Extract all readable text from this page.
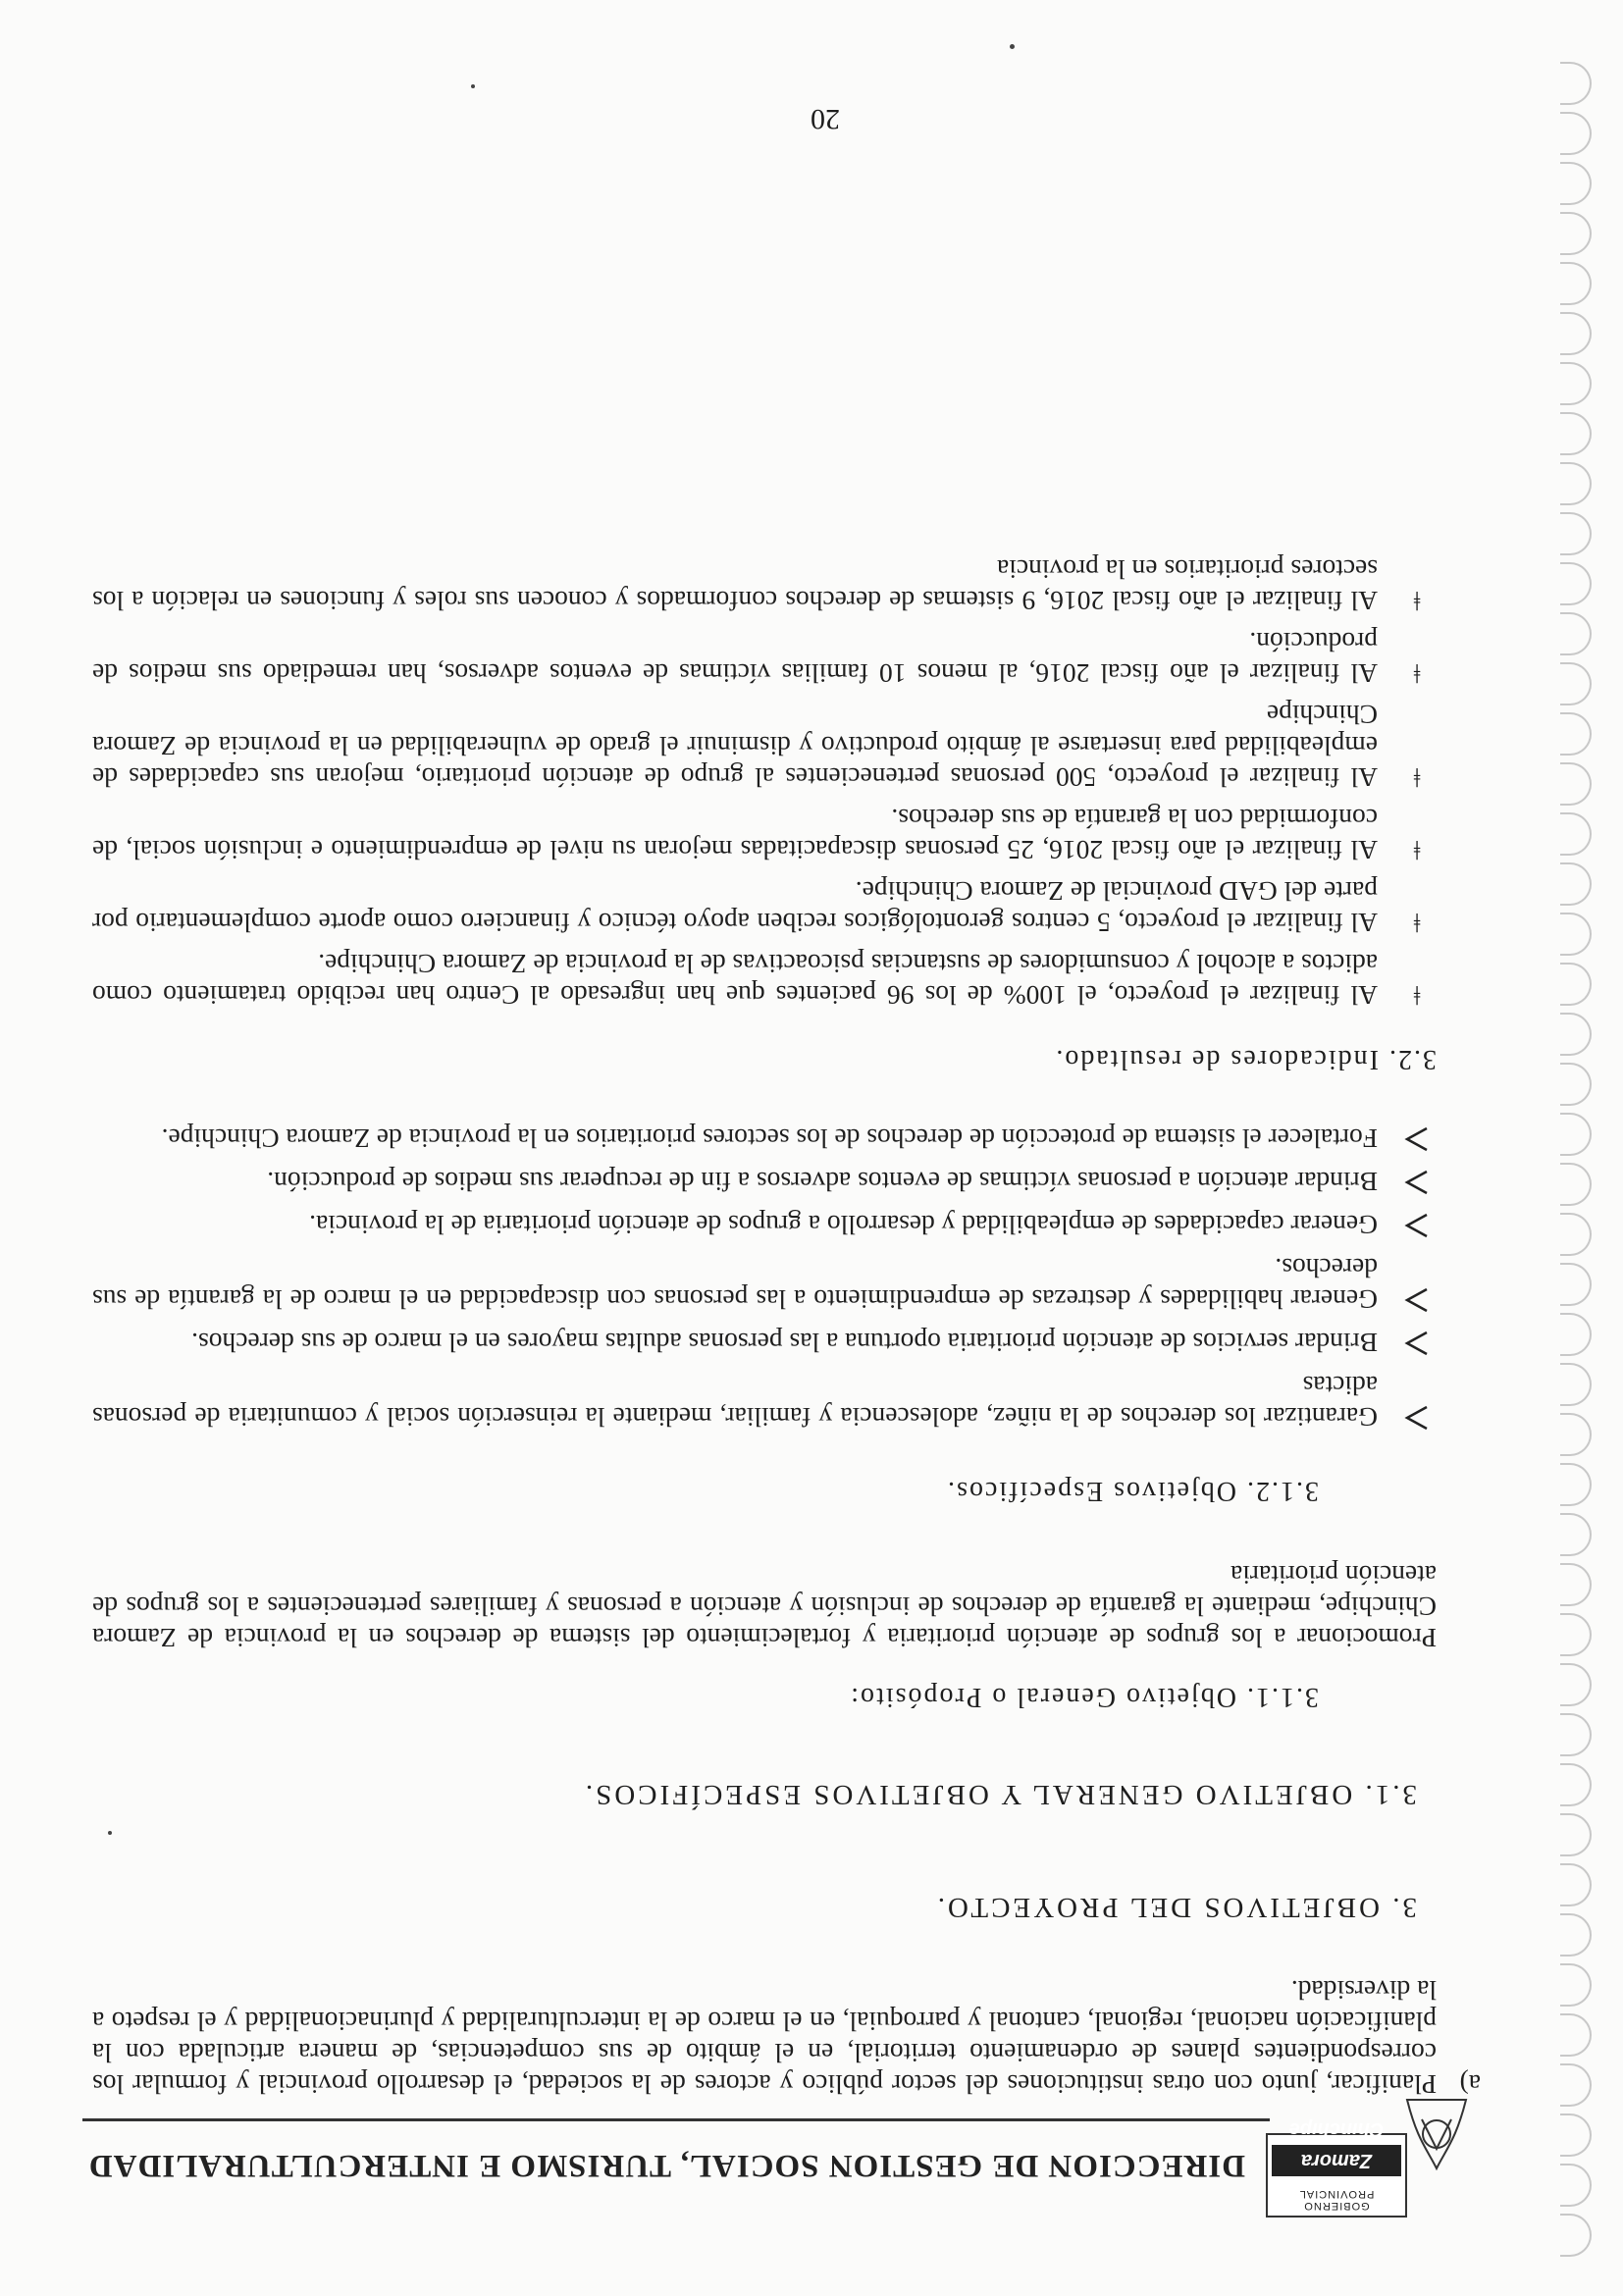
GOBIERNO PROVINCIAL
Zamora Chinchipe
DIRECCION DE GESTION SOCIAL, TURISMO E INTERCULTURALIDAD
a)

Planificar, junto con otras instituciones del sector público y actores de la sociedad, el desarrollo provincial y formular los correspondientes planes de ordenamiento territorial, en el ámbito de sus competencias, de manera articulada con la planificación nacional, regional, cantonal y parroquial, en el marco de la interculturalidad y plurinacionalidad y el respeto a la diversidad.

3. OBJETIVOS DEL PROYECTO.
3.1. OBJETIVO GENERAL Y OBJETIVOS ESPECÍFICOS.
3.1.1. Objetivo General o Propósito:

Promocionar a los grupos de atención prioritaria y fortalecimiento del sistema de derechos en la provincia de Zamora Chinchipe, mediante la garantía de derechos de inclusión y atención a personas y familiares pertenecientes a los grupos de atención prioritaria

3.1.2. Objetivos Específicos.
Garantizar los derechos de la niñez, adolescencia y familiar, mediante la reinserción social y comunitaria de personas adictas
Brindar servicios de atención prioritaria oportuna a las personas adultas mayores en el marco de sus derechos.
Generar habilidades y destrezas de emprendimiento a las personas con discapacidad en el marco de la garantía de sus derechos.
Generar capacidades de empleabilidad y desarrollo a grupos de atención prioritaria de la provincia.
Brindar atención a personas víctimas de eventos adversos a fin de recuperar sus medios de producción.
Fortalecer el sistema de protección de derechos de los sectores prioritarios en la provincia de Zamora Chinchipe.
3.2. Indicadores de resultado.
ǂ
Al finalizar el proyecto, el 100% de los 96 pacientes que han ingresado al Centro han recibido tratamiento como adictos a alcohol y consumidores de sustancias psicoactivas de la provincia de Zamora Chinchipe.
ǂ
Al finalizar el proyecto, 5 centros gerontológicos reciben apoyo técnico y financiero como aporte complementario por parte del GAD provincial de Zamora Chinchipe.
ǂ
Al finalizar el año fiscal 2016, 25 personas discapacitadas mejoran su nivel de emprendimiento e inclusión social, de conformidad con la garantía de sus derechos.
ǂ
Al finalizar el proyecto, 500 personas pertenecientes al grupo de atención prioritario, mejoran sus capacidades de empleabilidad para insertarse al ámbito productivo y disminuir el grado de vulnerabilidad en la provincia de Zamora Chinchipe
ǂ
Al finalizar el año fiscal 2016, al menos 10 familias víctimas de eventos adversos, han remediado sus medios de producción.
ǂ
Al finalizar el año fiscal 2016, 9 sistemas de derechos conformados y conocen sus roles y funciones en relación a los sectores prioritarios en la provincia
20
